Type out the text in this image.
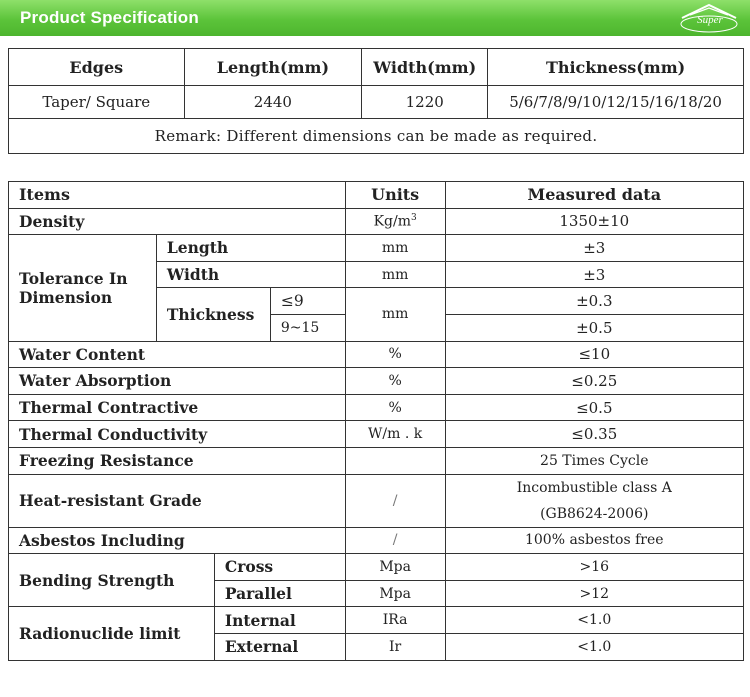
Product Specification	Super
Edges	Length(mm)	Width(mm)	Thickness(mm)
Taper/ Square	2440	1220	5/6/7/8/9/10/12/15/16/18/20
Remark: Different dimensions can be made as required.			
Items				Units	Measured data
Density				$Kg/m^3$	1350±10
Tolerance In Dimension	Length			mm	±3
	Width			mm	±3
	Thickness		≤9	mm	±0.3
			9~15		±0.5
Water Content				%	≤10
Water Absorption				%	≤0.25
Thermal Contractive				%	≤0.5
Thermal Conductivity				W/m . k	≤0.35
Freezing Resistance					25 Times Cycle
Heat-resistant Grade				/	Incombustible class A
(GB8624-2006)

Asbestos Including				/	100% asbestos free
Bending Strength		Cross		Mpa	>16
		Parallel		Mpa	>12
Radionuclide limit		Internal		IRa	<1.0
		External		Ir	<1.0
